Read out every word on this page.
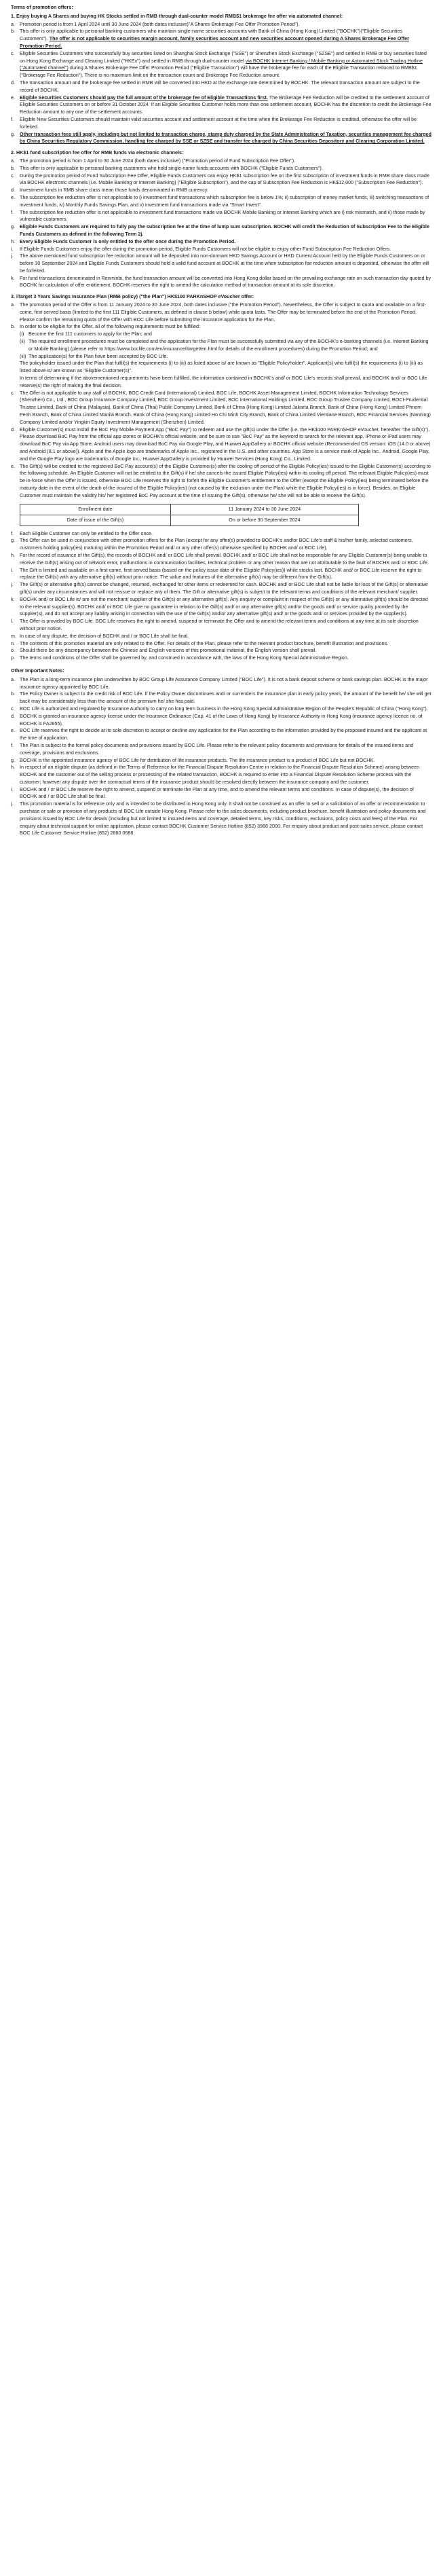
Terms of promotion offers:
1. Enjoy buying A Shares and buying HK Stocks settled in RMB through dual-counter model RMB$1 brokerage fee offer via automated channel:
a. Promotion period is from 1 April 2024 until 30 June 2024 (both dates inclusive)"A Shares Brokerage Fee Offer Promotion Period").
b. This offer is only applicable to personal banking customers who maintain single-name securities accounts with Bank of China (Hong Kong) Limited ("BOCHK")("Eligible Securities Customers"). The offer is not applicable to securities margin account, family securities account and new securities account opened during A Shares Brokerage Fee Offer Promotion Period.
c. Eligible Securities Customers who successfully buy securities listed on Shanghai Stock Exchange ("SSE") or Shenzhen Stock Exchange ("SZSE") and settled in RMB or buy securities listed on Hong Kong Exchange and Clearing Limited ("HKEx") and settled in RMB through dual-counter model via BOCHK Internet Banking / Mobile Banking or Automated Stock Trading Hotline ("Automated channel") during A Shares Brokerage Fee Offer Promotion Period ("Eligible Transaction") will have the brokerage fee for each of the Eligible Transaction reduced to RMB$1 ("Brokerage Fee Reduction"). There is no maximum limit on the transaction count and Brokerage Fee Reduction amount.
d. The transaction amount and the brokerage fee settled in RMB will be converted into HKD at the exchange rate determined by BOCHK. The relevant transaction amount are subject to the record of BOCHK.
e. Eligible Securities Customers should pay the full amount of the brokerage fee of Eligible Transactions first. The Brokerage Fee Reduction will be credited to the settlement account of Eligible Securities Customers on or before 31 October 2024. If an Eligible Securities Customer holds more than one settlement account, BOCHK has the discretion to credit the Brokerage Fee Reduction amount to any one of the settlement accounts.
f. Eligible New Securities Customers should maintain valid securities account and settlement account at the time when the Brokerage Fee Reduction is credited, otherwise the offer will be forfeited.
g. Other transaction fees still apply, including but not limited to transaction charge, stamp duty charged by the State Administration of Taxation, securities management fee charged by China Securities Regulatory Commission, handling fee charged by SSE or SZSE and transfer fee charged by China Securities Depository and Clearing Corporation Limited.
2. HK$1 fund subscription fee offer for RMB funds via electronic channels:
a. The promotion period is from 1 April to 30 June 2024 (both dates inclusive) ("Promotion period of Fund Subscription Fee Offer").
b. This offer is only applicable to personal banking customers who hold single-name funds accounts with BOCHK ("Eligible Funds Customers").
c. During the promotion period of Fund Subscription Fee Offer, Eligible Funds Customers can enjoy HK$1 subscription fee on the first subscription of investment funds in RMB share class made via BOCHK electronic channels (i.e. Mobile Banking or Internet Banking) ("Eligible Subscription"), and the cap of Subscription Fee Reduction is HK$12,000 ("Subscription Fee Reduction").
d. Investment funds in RMB share class mean those funds denominated in RMB currency.
e. The subscription fee reduction offer is not applicable to i) investment fund transactions which subscription fee is below 1%; ii) subscription of money market funds, iii) switching transactions of investment funds, iv) Monthly Funds Savings Plan, and v) investment fund transactions made via "Smart Invest".
f. The subscription fee reduction offer is not applicable to investment fund transactions made via BOCHK Mobile Banking or Internet Banking which are i) risk mismatch, and ii) those made by vulnerable customers.
g. Eligible Funds Customers are required to fully pay the subscription fee at the time of lump sum subscription. BOCHK will credit the Reduction of Subscription Fee to the Eligible Funds Customers as defined in the following Term 2j.
h. Every Eligible Funds Customer is only entitled to the offer once during the Promotion Period.
i. If Eligible Funds Customers enjoy the offer during the promotion period, Eligible Funds Customers will not be eligible to enjoy other Fund Subscription Fee Reduction Offers.
j. The above mentioned fund subscription fee reduction amount will be deposited into non-dormant HKD Savings Account or HKD Current Account held by the Eligible Funds Customers on or before 30 September 2024 and Eligible Funds Customers should hold a valid fund account at BOCHK at the time when subscription fee reduction amount is deposited, otherwise the offer will be forfeited.
k. For fund transactions denominated in Renminbi, the fund transaction amount will be converted into Hong Kong dollar based on the prevailing exchange rate on such transaction day quoted by BOCHK for calculation of offer entitlement. BOCHK reserves the right to amend the calculation method of transaction amount at its sole discretion.
3. iTarget 3 Years Savings Insurance Plan (RMB policy) ("the Plan") HK$100 PARKnSHOP eVoucher offer:
a. The promotion period of the Offer is from 11 January 2024 to 30 June 2024, both dates inclusive ("the Promotion Period"). Nevertheless, the Offer is subject to quota and available on a first-come, first-served basis (limited to the first 111 Eligible Customers, as defined in clause b below) while quota lasts. The Offer may be terminated before the end of the Promotion Period. Please confirm the remaining quota of the Offer with BOC Life before submitting the insurance application for the Plan.
b. In order to be eligible for the Offer, all of the following requirements must be fulfilled:
(i) Become the first 111 customers to apply for the Plan; and
(ii) The required enrollment procedures must be completed and the application for the Plan must be successfully submitted via any of the BOCHK's e-banking channels (i.e. Internet Banking or Mobile Banking) (please refer to https://www.boclife.com/en/insurance/itarget/en.html for details of the enrollment procedures) during the Promotion Period; and
(iii) The application(s) for the Plan have been accepted by BOC Life.
The policyholder issued under the Plan that fulfil(s) the requirements (i) to (iii) as listed above is/ are known as "Eligible Policyholder". Applicant(s) who fulfil(s) the requirements (i) to (iii) as listed above is/ are known as "Eligible Customer(s)".
In terms of determining if the abovementioned requirements have been fulfilled, the information contained in BOCHK's and/ or BOC Life's records shall prevail, and BOCHK and/ or BOC Life reserve(s) the right of making the final decision.
c. The Offer is not applicable to any staff of BOCHK, BOC Credit Card (International) Limited, BOC Life, BOCHK Asset Management Limited, BOCHK Information Technology Services (Shenzhen) Co., Ltd., BOC Group Insurance Company Limited, BOC Group Investment Limited, BOC International Holdings Limited, BOC Group Trustee Company Limited, BOCI-Prudential Trustee Limited, Bank of China (Malaysia), Bank of China (Thai) Public Company Limited, Bank of China (Hong Kong) Limited Jakarta Branch, Bank of China (Hong Kong) Limited Phnom Penh Branch, Bank of China Limited Manila Branch, Bank of China (Hong Kong) Limited Ho Chi Minh City Branch, Bank of China Limited Vientiane Branch, BOC Financial Services (Nanning) Company Limited and/or Yingkin Equity Investment Management (Shenzhen) Limited.
d. Eligible Customer(s) must install the BoC Pay Mobile Payment App ("BoC Pay") to redeem and use the gift(s) under the Offer (i.e. the HK$100 PARKnSHOP eVoucher, hereafter "the Gift(s)"). Please download BoC Pay from the official app stores or BOCHK's official website, and be sure to use "BoC Pay" as the keyword to search for the relevant app. iPhone or iPad users may download BoC Pay via App Store; Android users may download BoC Pay via Google Play, and Huawei AppGallery or BOCHK official website (Recommended OS version: iOS (14.0 or above) and Android (8.1 or above)). Apple and the Apple logo are trademarks of Apple Inc., registered in the U.S. and other countries. App Store is a service mark of Apple Inc.. Android, Google Play, and the Google Play logo are trademarks of Google Inc., Huawei AppGallery is provided by Huawei Services (Hong Kong) Co., Limited.
e. The Gift(s) will be credited to the registered BoC Pay account(s) of the Eligible Customer(s) after the cooling off period of the Eligible Policy(ies) issued to the Eligible Customer(s) according to the following schedule. An Eligible Customer will not be entitled to the Gift(s) if he/ she cancels the issued Eligible Policy(ies) within its cooling off period. The relevant Eligible Policy(ies) must be in-force when the Offer is issued, otherwise BOC Life reserves the right to forfeit the Eligible Customer's entitlement to the Offer (except the Eligible Policy(ies) being terminated before the maturity date in the event of the death of the insured of the Eligible Policy(ies) (not caused by the exclusion under the Plan) while the Eligible Policy(ies) is in force). Besides, an Eligible Customer must maintain the validity his/ her registered BoC Pay account at the time of issuing the Gift(s), otherwise he/ she will not be able to receive the Gift(s).
Enrollment date	11 January 2024 to 30 June 2024
Date of issue of the Gift(s)	On or before 30 September 2024
f. Each Eligible Customer can only be entitled to the Offer once.
g. The Offer can be used in conjunction with other promotion offers for the Plan (except for any offer(s) provided to BOCHK's and/or BOC Life's staff & his/her family, selected customers, customers holding policy(ies) maturing within the Promotion Period and/ or any other offer(s) otherwise specified by BOCHK and/ or BOC Life).
h. For the record of issuance of the Gift(s), the records of BOCHK and/ or BOC Life shall prevail. BOCHK and/ or BOC Life shall not be responsible for any Eligible Customer(s) being unable to receive the Gift(s) arising out of network error, malfunctions in communication facilities, technical problem or any other reason that are not attributable to the fault of BOCHK and/ or BOC Life.
i. The Gift is limited and available on a first-come, first-served basis (based on the policy issue date of the Eligible Policy(ies)) while stocks last. BOCHK and/ or BOC Life reserve the right to replace the Gift(s) with any alternative gift(s) without prior notice. The value and features of the alternative gift(s) may be different from the Gift(s).
j. The Gift(s) or alternative gift(s) cannot be changed, returned, exchanged for other items or redeemed for cash. BOCHK and/ or BOC Life shall not be liable for loss of the Gift(s) or alternative gift(s) under any circumstances and will not reissue or replace any of them. The Gift or alternative gift(s) is subject to the relevant terms and conditions of the relevant merchant/ supplier.
k. BOCHK and/ or BOC Life is/ are not the merchant/ supplier of the Gift(s) or any alternative gift(s). Any enquiry or complaint in respect of the Gift(s) or any alternative gift(s) should be directed to the relevant supplier(s). BOCHK and/ or BOC Life give no guarantee in relation to the Gift(s) and/ or any alternative gift(s) and/or the goods and/ or service quality provided by the supplier(s), and do not accept any liability arising in connection with the use of the Gift(s) and/or any alternative gift(s) and/ or the goods and/ or services provided by the supplier(s).
l. The Offer is provided by BOC Life. BOC Life reserves the right to amend, suspend or terminate the Offer and to amend the relevant terms and conditions at any time at its sole discretion without prior notice.
m. In case of any dispute, the decision of BOCHK and / or BOC Life shall be final.
n. The contents of this promotion material are only related to the Offer. For details of the Plan, please refer to the relevant product brochure, benefit illustration and provisions.
o. Should there be any discrepancy between the Chinese and English versions of this promotional material, the English version shall prevail.
p. The terms and conditions of the Offer shall be governed by, and construed in accordance with, the laws of the Hong Kong Special Administrative Region.
Other Important Notes:
a. The Plan is a long-term insurance plan underwritten by BOC Group Life Assurance Company Limited ("BOC Life"). It is not a bank deposit scheme or bank savings plan. BOCHK is the major insurance agency appointed by BOC Life.
b. The Policy Owner is subject to the credit risk of BOC Life. If the Policy Owner discontinues and/ or surrenders the insurance plan in early policy years, the amount of the benefit he/ she will get back may be considerably less than the amount of the premium he/ she has paid.
c. BOC Life is authorized and regulated by Insurance Authority to carry on long term business in the Hong Kong Special Administrative Region of the People's Republic of China ("Hong Kong").
d. BOCHK is granted an insurance agency license under the Insurance Ordinance (Cap. 41 of the Laws of Hong Kong) by Insurance Authority in Hong Kong (insurance agency licence no. of BOCHK is FA2855).
e. BOC Life reserves the right to decide at its sole discretion to accept or decline any application for the Plan according to the information provided by the proposed insured and the applicant at the time of application.
f. The Plan is subject to the formal policy documents and provisions issued by BOC Life. Please refer to the relevant policy documents and provisions for details of the insured items and coverage, provisions and exclusions.
g. BOCHK is the appointed insurance agency of BOC Life for distribution of life insurance products. The life insurance product is a product of BOC Life but not BOCHK.
h. In respect of an eligible dispute (as defined in the Terms of Reference for the Financial Dispute Resolution Centre in relation to the Financial Dispute Resolution Scheme) arising between BOCHK and the customer out of the selling process or processing of the related transaction, BOCHK is required to enter into a Financial Dispute Resolution Scheme process with the customer; however any dispute over the contractual terms of the insurance product should be resolved directly between the insurance company and the customer.
i. BOCHK and / or BOC Life reserve the right to amend, suspend or terminate the Plan at any time, and to amend the relevant terms and conditions. In case of dispute(s), the decision of BOCHK and / or BOC Life shall be final.
j. This promotion material is for reference only and is intended to be distributed in Hong Kong only. It shall not be construed as an offer to sell or a solicitation of an offer or recommendation to purchase or sale or provision of any products of BOC Life outside Hong Kong. Please refer to the sales documents, including product brochure, benefit illustration and policy documents and provisions issued by BOC Life for details (including but not limited to insured items and coverage, detailed terms, key risks, conditions, exclusions, policy costs and fees) of the Plan. For enquiry about technical support for online application, please contact BOCHK Customer Service Hotline (852) 3988 2000. For enquiry about product and post-sales service, please contact BOC Life Customer Service Hotline (852) 2860 0688.
